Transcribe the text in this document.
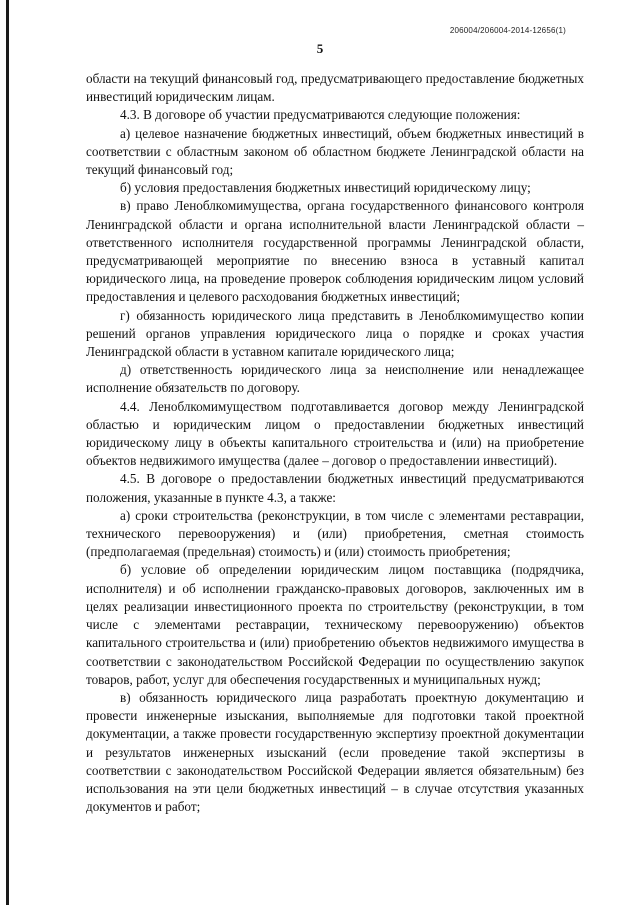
206004/206004-2014-12656(1)
5

области на текущий финансовый год, предусматривающего предоставление бюджетных инвестиций юридическим лицам.

4.3. В договоре об участии предусматриваются следующие положения:

а) целевое назначение бюджетных инвестиций, объем бюджетных инвестиций в соответствии с областным законом об областном бюджете Ленинградской области на текущий финансовый год;

б) условия предоставления бюджетных инвестиций юридическому лицу;

в) право Леноблкомимущества, органа государственного финансового контроля Ленинградской области и органа исполнительной власти Ленинградской области – ответственного исполнителя государственной программы Ленинградской области, предусматривающей мероприятие по внесению взноса в уставный капитал юридического лица, на проведение проверок соблюдения юридическим лицом условий предоставления и целевого расходования бюджетных инвестиций;

г) обязанность юридического лица представить в Леноблкомимущество копии решений органов управления юридического лица о порядке и сроках участия Ленинградской области в уставном капитале юридического лица;

д) ответственность юридического лица за неисполнение или ненадлежащее исполнение обязательств по договору.

4.4. Леноблкомимуществом подготавливается договор между Ленинградской областью и юридическим лицом о предоставлении бюджетных инвестиций юридическому лицу в объекты капитального строительства и (или) на приобретение объектов недвижимого имущества (далее – договор о предоставлении инвестиций).

4.5. В договоре о предоставлении бюджетных инвестиций предусматриваются положения, указанные в пункте 4.3, а также:

а) сроки строительства (реконструкции, в том числе с элементами реставрации, технического перевооружения) и (или) приобретения, сметная стоимость (предполагаемая (предельная) стоимость) и (или) стоимость приобретения;

б) условие об определении юридическим лицом поставщика (подрядчика, исполнителя) и об исполнении гражданско-правовых договоров, заключенных им в целях реализации инвестиционного проекта по строительству (реконструкции, в том числе с элементами реставрации, техническому перевооружению) объектов капитального строительства и (или) приобретению объектов недвижимого имущества в соответствии с законодательством Российской Федерации по осуществлению закупок товаров, работ, услуг для обеспечения государственных и муниципальных нужд;

в) обязанность юридического лица разработать проектную документацию и провести инженерные изыскания, выполняемые для подготовки такой проектной документации, а также провести государственную экспертизу проектной документации и результатов инженерных изысканий (если проведение такой экспертизы в соответствии с законодательством Российской Федерации является обязательным) без использования на эти цели бюджетных инвестиций – в случае отсутствия указанных документов и работ;
